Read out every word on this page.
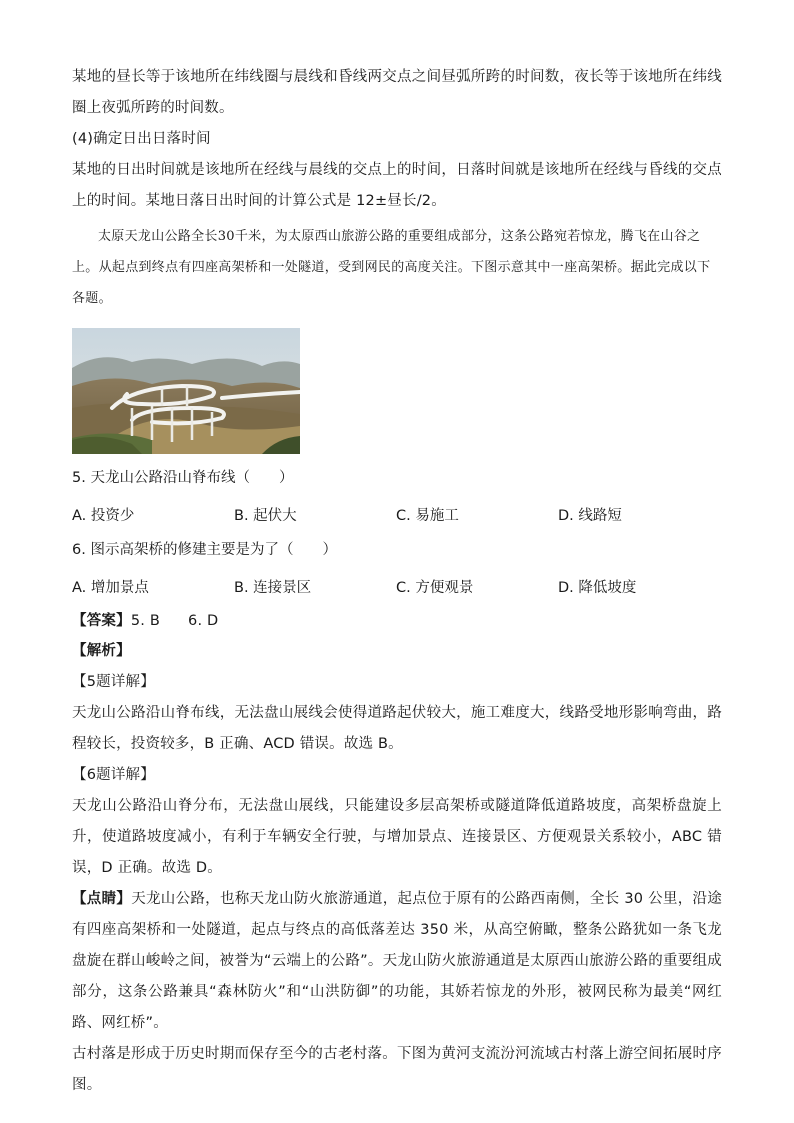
某地的昼长等于该地所在纬线圈与晨线和昏线两交点之间昼弧所跨的时间数，夜长等于该地所在纬线圈上夜弧所跨的时间数。

(4)确定日出日落时间

某地的日出时间就是该地所在经线与晨线的交点上的时间，日落时间就是该地所在经线与昏线的交点上的时间。某地日落日出时间的计算公式是 12±昼长/2。

太原天龙山公路全长30千米，为太原西山旅游公路的重要组成部分，这条公路宛若惊龙，腾飞在山谷之上。从起点到终点有四座高架桥和一处隧道，受到网民的高度关注。下图示意其中一座高架桥。据此完成以下各题。

5. 天龙山公路沿山脊布线（　　）

A. 投资少	B. 起伏大	C. 易施工	D. 线路短

6. 图示高架桥的修建主要是为了（　　）

A. 增加景点	B. 连接景区	C. 方便观景	D. 降低坡度

【答案】5. B 6. D

【解析】

【5题详解】

天龙山公路沿山脊布线，无法盘山展线会使得道路起伏较大，施工难度大，线路受地形影响弯曲，路程较长，投资较多，B 正确、ACD 错误。故选 B。

【6题详解】

天龙山公路沿山脊分布，无法盘山展线，只能建设多层高架桥或隧道降低道路坡度，高架桥盘旋上升，使道路坡度减小，有利于车辆安全行驶，与增加景点、连接景区、方便观景关系较小，ABC 错误，D 正确。故选 D。

【点睛】天龙山公路，也称天龙山防火旅游通道，起点位于原有的公路西南侧，全长 30 公里，沿途有四座高架桥和一处隧道，起点与终点的高低落差达 350 米，从高空俯瞰，整条公路犹如一条飞龙盘旋在群山峻岭之间，被誉为“云端上的公路”。天龙山防火旅游通道是太原西山旅游公路的重要组成部分，这条公路兼具“森林防火”和“山洪防御”的功能，其娇若惊龙的外形，被网民称为最美“网红路、网红桥”。

古村落是形成于历史时期而保存至今的古老村落。下图为黄河支流汾河流域古村落上游空间拓展时序图。
